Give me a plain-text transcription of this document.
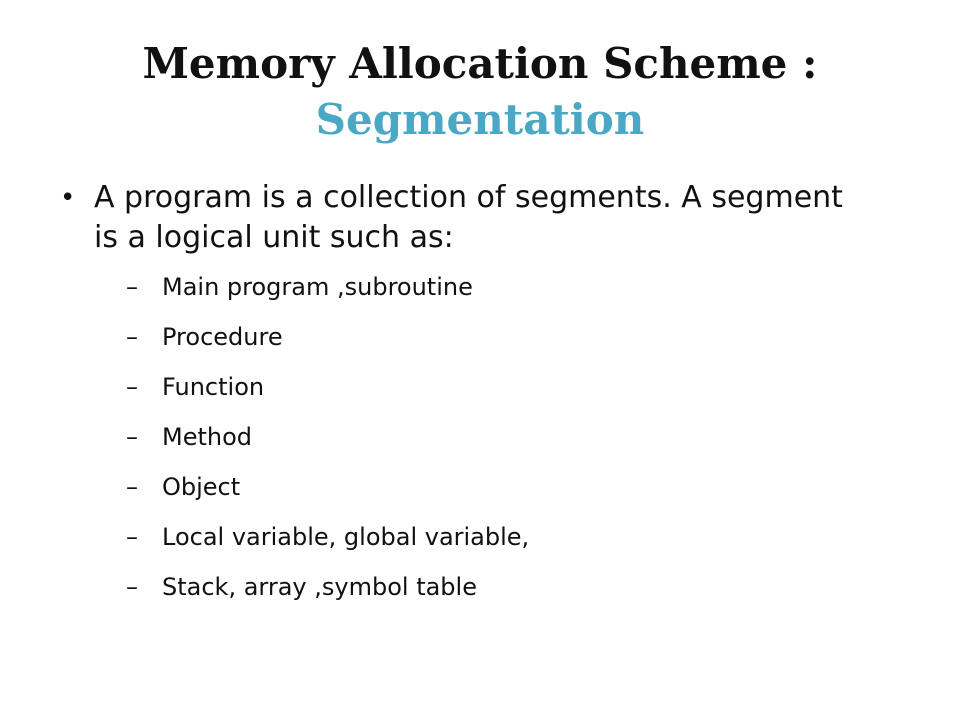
Memory Allocation Scheme :
Segmentation
• A program is a collection of segments. A segment is a logical unit such as:
– Main program ,subroutine
– Procedure
– Function
– Method
– Object
– Local variable, global variable,
– Stack, array ,symbol table
